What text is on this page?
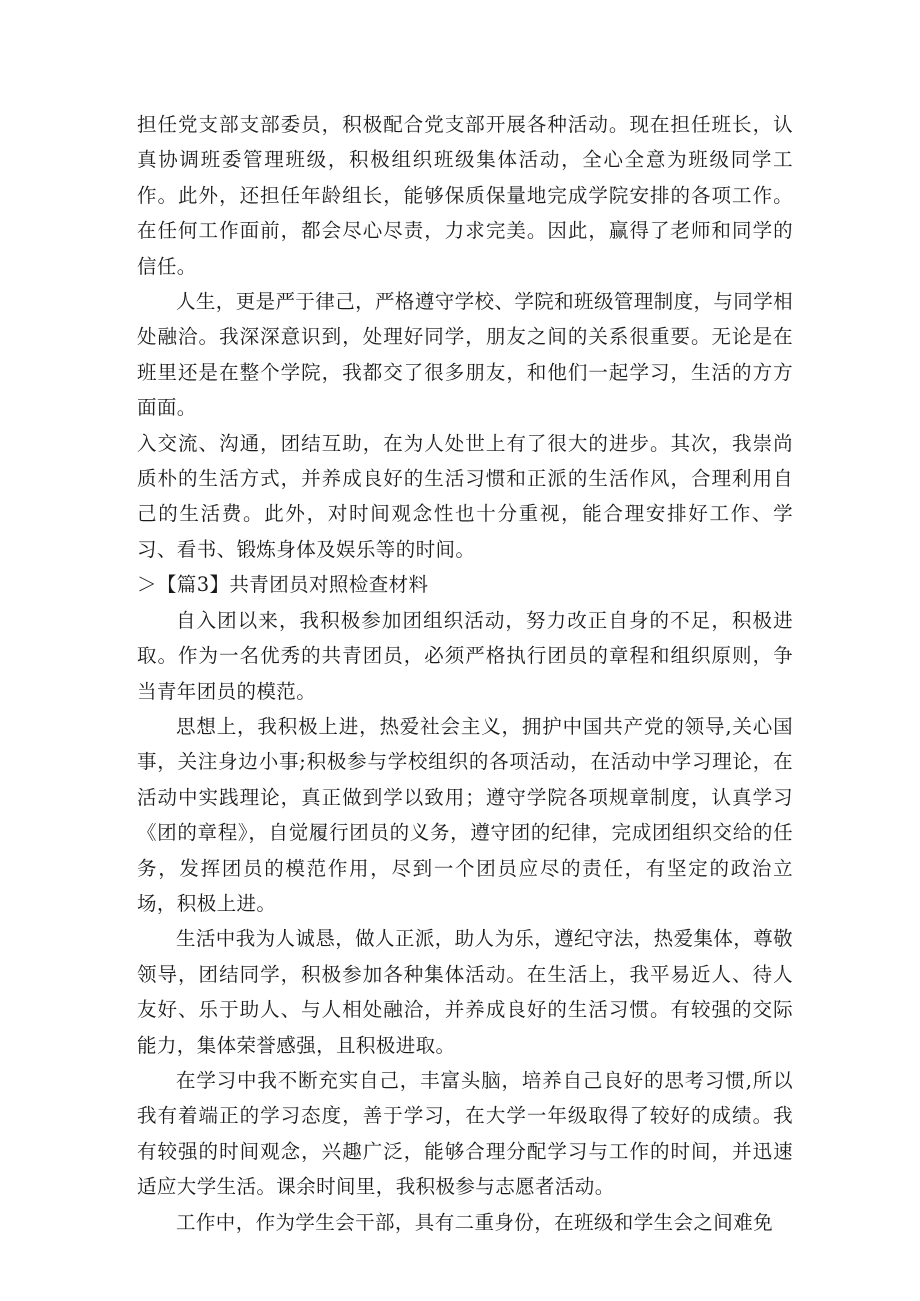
担任党支部支部委员，积极配合党支部开展各种活动。现在担任班长，认真协调班委管理班级，积极组织班级集体活动，全心全意为班级同学工作。此外，还担任年龄组长，能够保质保量地完成学院安排的各项工作。在任何工作面前，都会尽心尽责，力求完美。因此，赢得了老师和同学的信任。

人生，更是严于律己，严格遵守学校、学院和班级管理制度，与同学相处融洽。我深深意识到，处理好同学，朋友之间的关系很重要。无论是在班里还是在整个学院，我都交了很多朋友，和他们一起学习，生活的方方面面。

入交流、沟通，团结互助，在为人处世上有了很大的进步。其次，我崇尚质朴的生活方式，并养成良好的生活习惯和正派的生活作风，合理利用自己的生活费。此外，对时间观念性也十分重视，能合理安排好工作、学习、看书、锻炼身体及娱乐等的时间。

＞【篇3】共青团员对照检查材料

自入团以来，我积极参加团组织活动，努力改正自身的不足，积极进取。作为一名优秀的共青团员，必须严格执行团员的章程和组织原则，争当青年团员的模范。

思想上，我积极上进，热爱社会主义，拥护中国共产党的领导,关心国事，关注身边小事;积极参与学校组织的各项活动，在活动中学习理论，在活动中实践理论，真正做到学以致用；遵守学院各项规章制度，认真学习《团的章程》，自觉履行团员的义务，遵守团的纪律，完成团组织交给的任务，发挥团员的模范作用，尽到一个团员应尽的责任，有坚定的政治立场，积极上进。

生活中我为人诚恳，做人正派，助人为乐，遵纪守法，热爱集体，尊敬领导，团结同学，积极参加各种集体活动。在生活上，我平易近人、待人友好、乐于助人、与人相处融洽，并养成良好的生活习惯。有较强的交际能力，集体荣誉感强，且积极进取。

在学习中我不断充实自己，丰富头脑，培养自己良好的思考习惯,所以我有着端正的学习态度，善于学习，在大学一年级取得了较好的成绩。我有较强的时间观念，兴趣广泛，能够合理分配学习与工作的时间，并迅速适应大学生活。课余时间里，我积极参与志愿者活动。

工作中，作为学生会干部，具有二重身份，在班级和学生会之间难免
